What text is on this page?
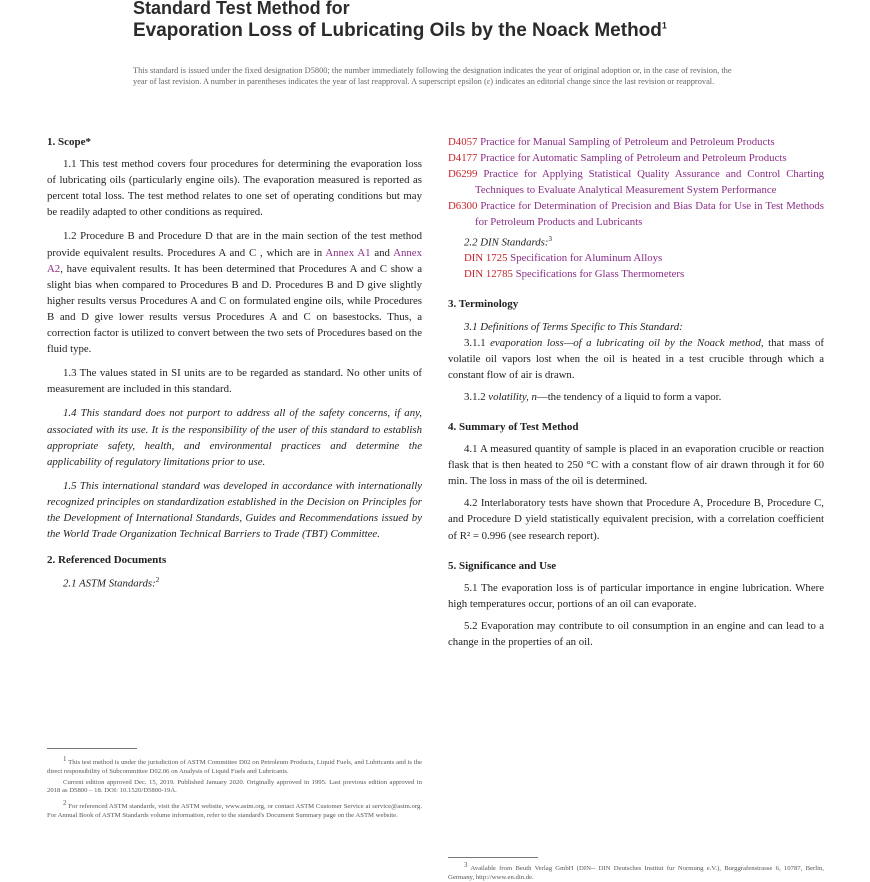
Standard Test Method for
Evaporation Loss of Lubricating Oils by the Noack Method$^1$
This standard is issued under the fixed designation D5800; the number immediately following the designation indicates the year of original adoption or, in the case of revision, the year of last revision. A number in parentheses indicates the year of last reapproval. A superscript epsilon (ε) indicates an editorial change since the last revision or reapproval.

1. Scope*

1.1 This test method covers four procedures for determining the evaporation loss of lubricating oils (particularly engine oils). The evaporation measured is reported as percent total loss. The test method relates to one set of operating conditions but may be readily adapted to other conditions as required.

1.2 Procedure B and Procedure D that are in the main section of the test method provide equivalent results. Procedures A and C , which are in Annex A1 and Annex A2, have equivalent results. It has been determined that Procedures A and C show a slight bias when compared to Procedures B and D. Procedures B and D give slightly higher results versus Procedures A and C on formulated engine oils, while Procedures B and D give lower results versus Procedures A and C on basestocks. Thus, a correction factor is utilized to convert between the two sets of Procedures based on the fluid type.

1.3 The values stated in SI units are to be regarded as standard. No other units of measurement are included in this standard.

1.4 This standard does not purport to address all of the safety concerns, if any, associated with its use. It is the responsibility of the user of this standard to establish appropriate safety, health, and environmental practices and determine the applicability of regulatory limitations prior to use.

1.5 This international standard was developed in accordance with internationally recognized principles on standardization established in the Decision on Principles for the Development of International Standards, Guides and Recommendations issued by the World Trade Organization Technical Barriers to Trade (TBT) Committee.

2. Referenced Documents

2.1 ASTM Standards:$^2$

$^1$ This test method is under the jurisdiction of ASTM Committee D02 on Petroleum Products, Liquid Fuels, and Lubricants and is the direct responsibility of Subcommittee D02.06 on Analysis of Liquid Fuels and Lubricants.

Current edition approved Dec. 15, 2019. Published January 2020. Originally approved in 1995. Last previous edition approved in 2018 as D5800 – 18. DOI: 10.1520/D5800-19A.

$^2$ For referenced ASTM standards, visit the ASTM website, www.astm.org, or contact ASTM Customer Service at service@astm.org. For Annual Book of ASTM Standards volume information, refer to the standard's Document Summary page on the ASTM website.

D4057 Practice for Manual Sampling of Petroleum and Petroleum Products

D4177 Practice for Automatic Sampling of Petroleum and Petroleum Products

D6299 Practice for Applying Statistical Quality Assurance and Control Charting Techniques to Evaluate Analytical Measurement System Performance

D6300 Practice for Determination of Precision and Bias Data for Use in Test Methods for Petroleum Products and Lubricants

2.2 DIN Standards:$^3$

DIN 1725 Specification for Aluminum Alloys

DIN 12785 Specifications for Glass Thermometers

3. Terminology

3.1 Definitions of Terms Specific to This Standard:

3.1.1 evaporation loss—of a lubricating oil by the Noack method, that mass of volatile oil vapors lost when the oil is heated in a test crucible through which a constant flow of air is drawn.

3.1.2 volatility, n—the tendency of a liquid to form a vapor.

4. Summary of Test Method

4.1 A measured quantity of sample is placed in an evaporation crucible or reaction flask that is then heated to 250 °C with a constant flow of air drawn through it for 60 min. The loss in mass of the oil is determined.

4.2 Interlaboratory tests have shown that Procedure A, Procedure B, Procedure C, and Procedure D yield statistically equivalent precision, with a correlation coefficient of R² = 0.996 (see research report).

5. Significance and Use

5.1 The evaporation loss is of particular importance in engine lubrication. Where high temperatures occur, portions of an oil can evaporate.

5.2 Evaporation may contribute to oil consumption in an engine and can lead to a change in the properties of an oil.

$^3$ Available from Beuth Verlag GmbH (DIN-- DIN Deutsches Institut fur Normung e.V.), Burggrafenstrasse 6, 10787, Berlin, Germany, http://www.en.din.de.
